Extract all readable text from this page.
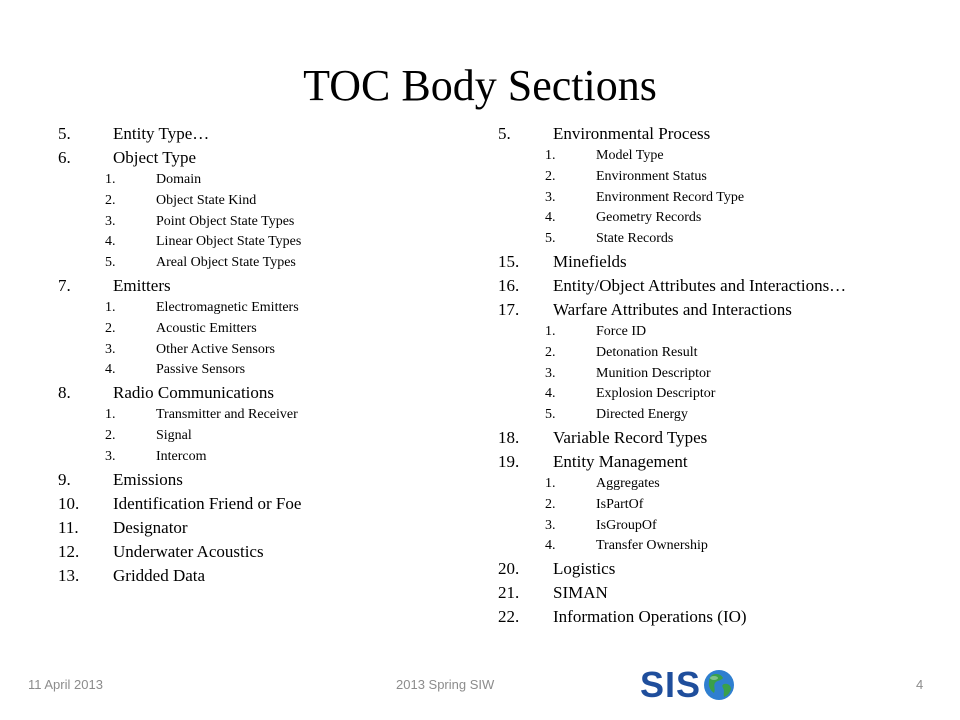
TOC Body Sections
5.	Entity Type…
6.	Object Type
1.	Domain
2.	Object State Kind
3.	Point Object State Types
4.	Linear Object State Types
5.	Areal Object State Types
7.	Emitters
1.	Electromagnetic Emitters
2.	Acoustic Emitters
3.	Other Active Sensors
4.	Passive Sensors
8.	Radio Communications
1.	Transmitter and Receiver
2.	Signal
3.	Intercom
9.	Emissions
10.	Identification Friend or Foe
11.	Designator
12.	Underwater Acoustics
13.	Gridded Data
5.	Environmental Process
1.	Model Type
2.	Environment Status
3.	Environment Record Type
4.	Geometry Records
5.	State Records
15.	Minefields
16.	Entity/Object Attributes and Interactions…
17.	Warfare Attributes and Interactions
1.	Force ID
2.	Detonation Result
3.	Munition Descriptor
4.	Explosion Descriptor
5.	Directed Energy
18.	Variable Record Types
19.	Entity Management
1.	Aggregates
2.	IsPartOf
3.	IsGroupOf
4.	Transfer Ownership
20.	Logistics
21.	SIMAN
22.	Information Operations (IO)
11 April 2013	2013 Spring SIW	4
SIS
